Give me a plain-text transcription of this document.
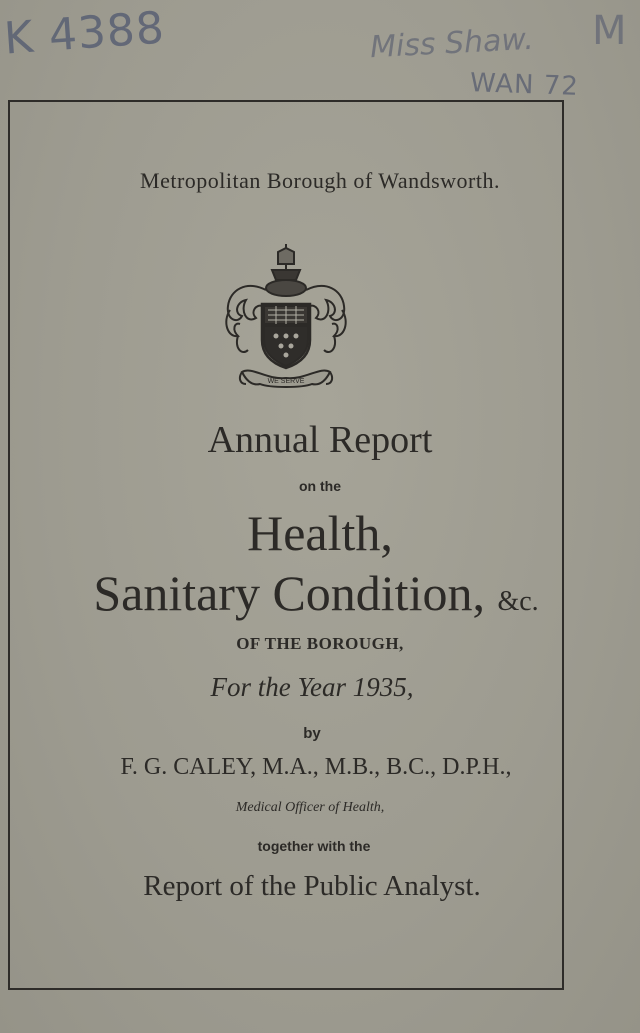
K 4388	Miss Shaw. M
WAN 72
Metropolitan Borough of Wandsworth.
WE SERVE
Annual Report
on the
Health,
Sanitary Condition, &c.
OF THE BOROUGH,
For the Year 1935,
by
F. G. CALEY, M.A., M.B., B.C., D.P.H.,
Medical Officer of Health,
together with the
Report of the Public Analyst.
